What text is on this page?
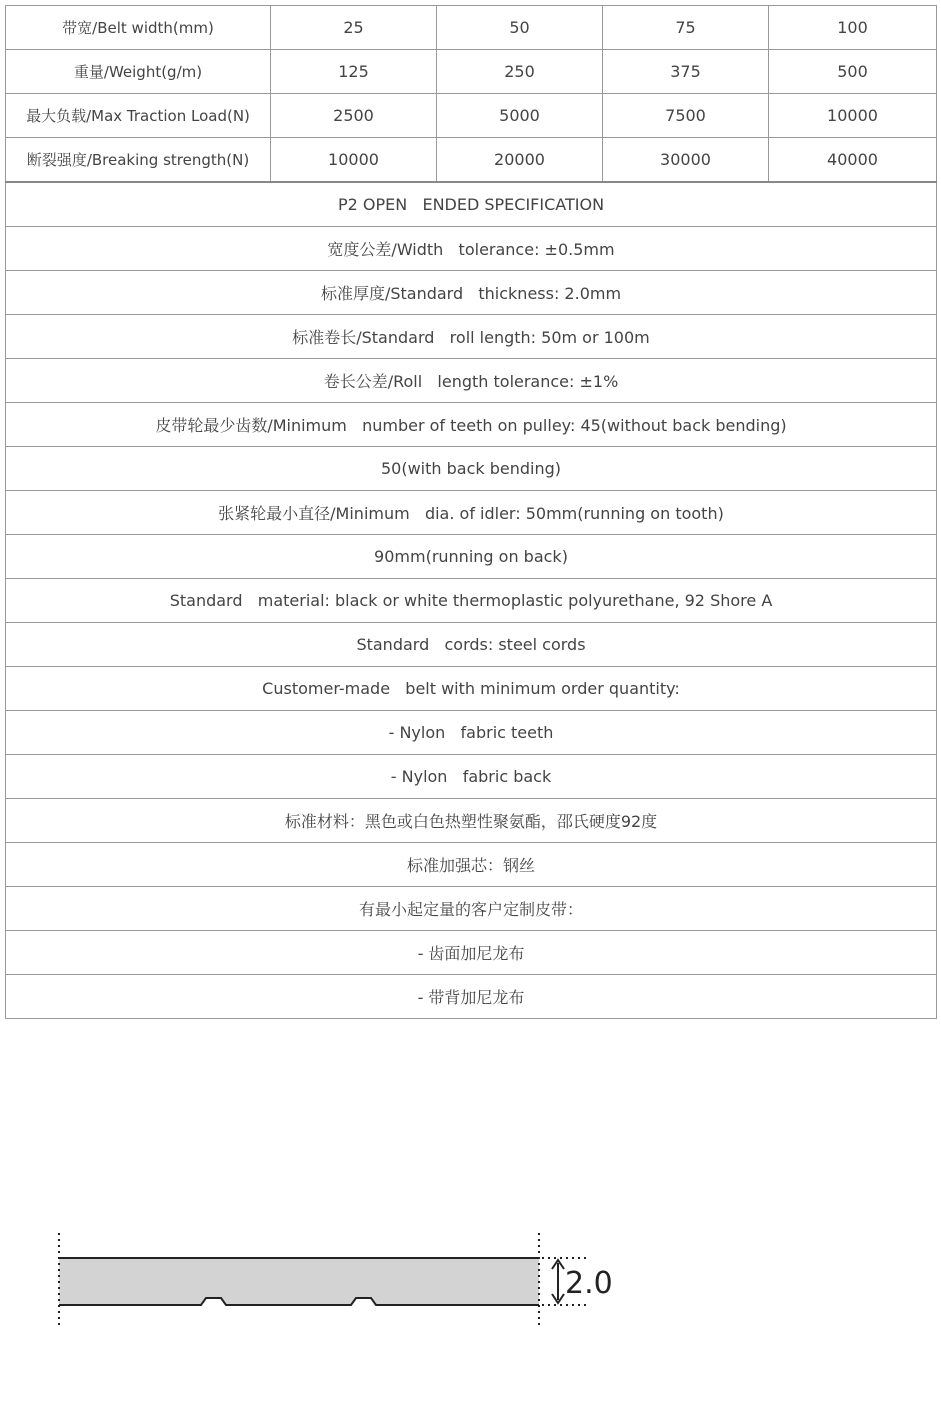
带宽/Belt width(mm)	25	50	75	100
重量/Weight(g/m)	125	250	375	500
最大负载/Max Traction Load(N)	2500	5000	7500	10000
断裂强度/Breaking strength(N)	10000	20000	30000	40000
P2 OPEN   ENDED SPECIFICATION				
宽度公差/Width   tolerance: ±0.5mm				
标准厚度/Standard   thickness: 2.0mm				
标准卷长/Standard   roll length: 50m or 100m				
卷长公差/Roll   length tolerance: ±1%				
皮带轮最少齿数/Minimum   number of teeth on pulley: 45(without back bending)				
50(with back bending)				
张紧轮最小直径/Minimum   dia. of idler: 50mm(running on tooth)				
90mm(running on back)				
Standard   material: black or white thermoplastic polyurethane, 92 Shore A				
Standard   cords: steel cords				
Customer-made   belt with minimum order quantity:				
- Nylon   fabric teeth				
- Nylon   fabric back				
标准材料：黑色或白色热塑性聚氨酯，邵氏硬度92度				
标准加强芯：钢丝				
有最小起定量的客户定制皮带：				
- 齿面加尼龙布				
- 带背加尼龙布				
2.0
